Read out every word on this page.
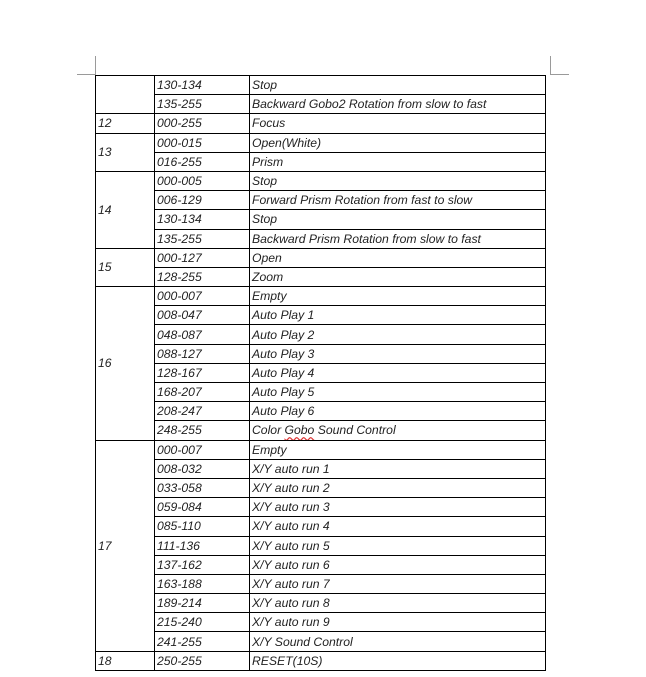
	130-134	Stop
	135-255	Backward Gobo2 Rotation from slow to fast
12	000-255	Focus
13	000-015	Open(White)
	016-255	Prism
14	000-005	Stop
	006-129	Forward Prism Rotation from fast to slow
	130-134	Stop
	135-255	Backward Prism Rotation from slow to fast
15	000-127	Open
	128-255	Zoom
16	000-007	Empty
	008-047	Auto Play 1
	048-087	Auto Play 2
	088-127	Auto Play 3
	128-167	Auto Play 4
	168-207	Auto Play 5
	208-247	Auto Play 6
	248-255	Color Gobo Sound Control
17	000-007	Empty
	008-032	X/Y auto run 1
	033-058	X/Y auto run 2
	059-084	X/Y auto run 3
	085-110	X/Y auto run 4
	111-136	X/Y auto run 5
	137-162	X/Y auto run 6
	163-188	X/Y auto run 7
	189-214	X/Y auto run 8
	215-240	X/Y auto run 9
	241-255	X/Y Sound Control
18	250-255	RESET(10S)
